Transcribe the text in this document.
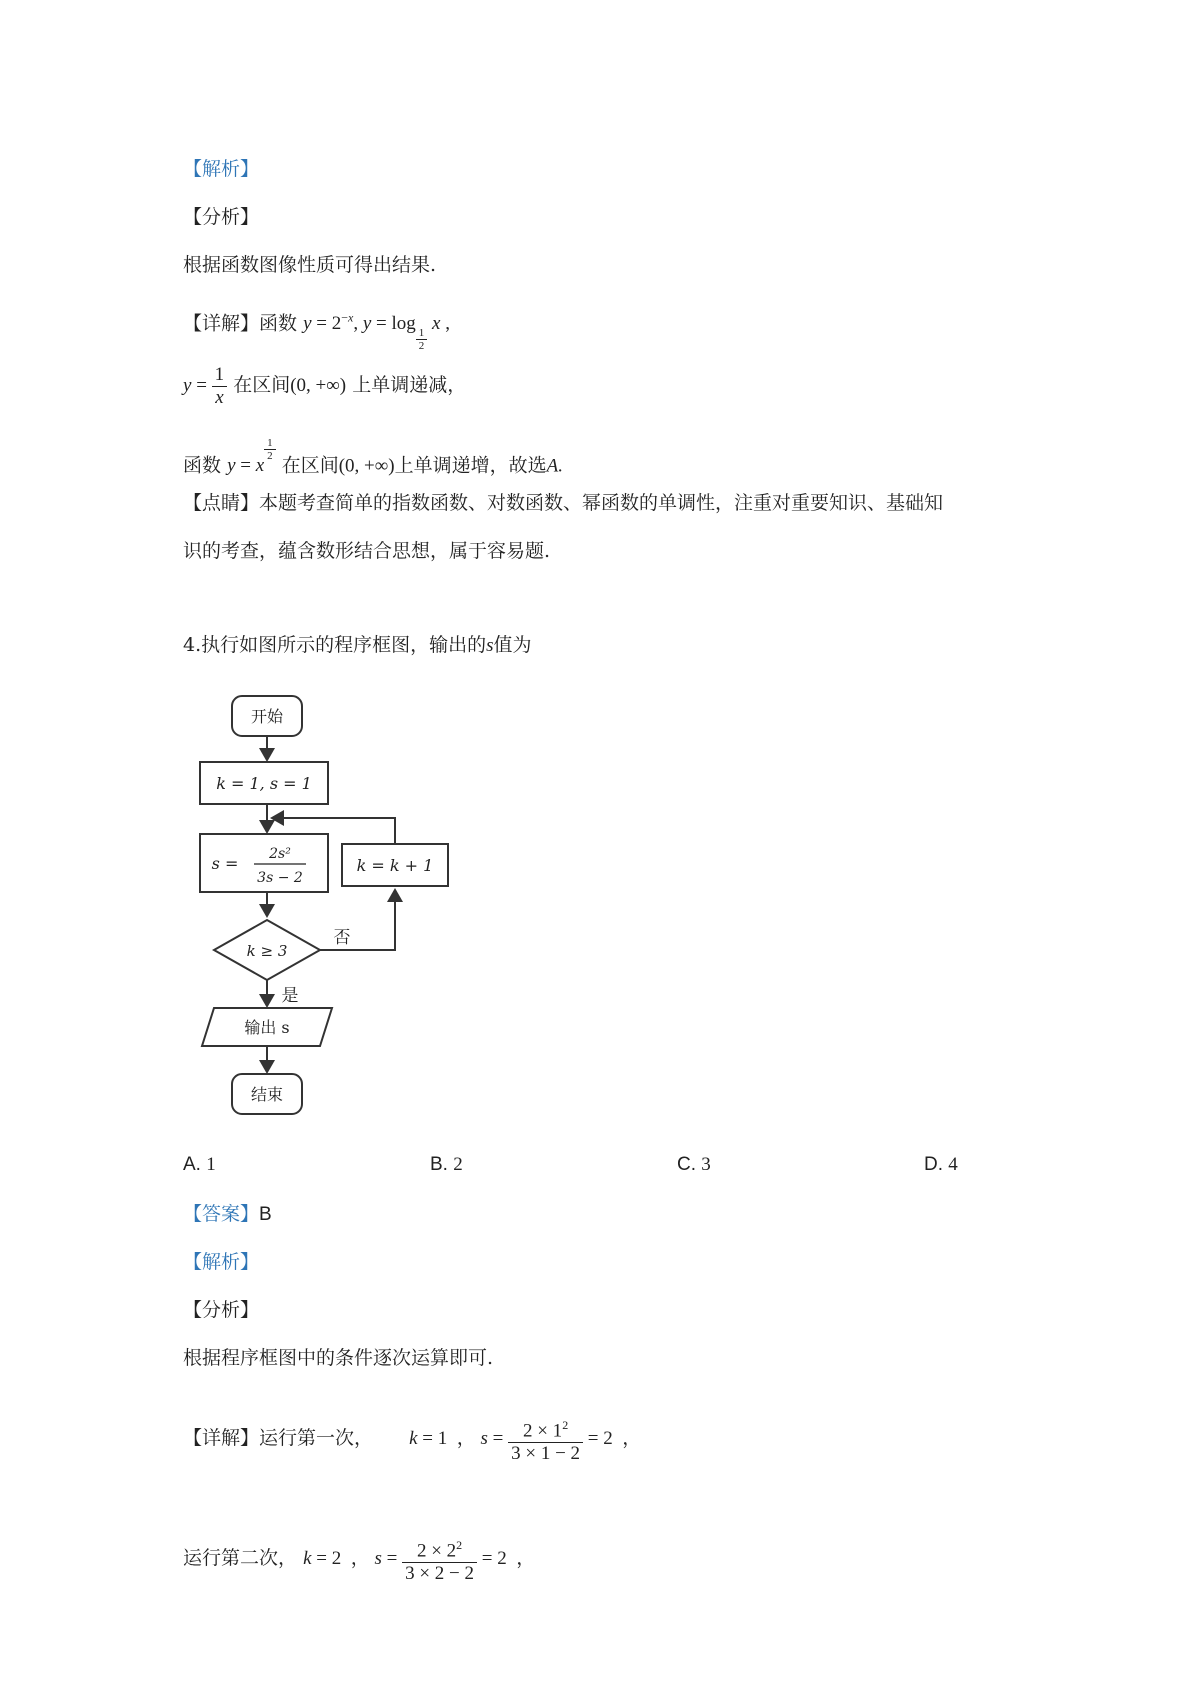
【解析】
【分析】
根据函数图像性质可得出结果.
【详解】函数 $y = 2^{-x}$, y = log
$_{\frac{1}{2}}$
x ,
$y = \frac{1}{x}$ 在区间(0, +∞) 上单调递减，
函数 y = x
$^{\frac{1}{2}}$
在区间(0, +∞)上单调递增，故选A.
【点睛】本题考查简单的指数函数、对数函数、幂函数的单调性，注重对重要知识、基础知
识的考查，蕴含数形结合思想，属于容易题.
4.执行如图所示的程序框图，输出的s值为
开始
k = 1, s = 1
s = 2s²
3s − 2
k = k + 1
k ≥ 3
否
是
输出 s
结束
A. 1	B. 2	C. 3	D. 4
【答案】B
【解析】
【分析】
根据程序框图中的条件逐次运算即可.
【详解】运行第一次， k = 1  ， $s = \frac{2 \times 1^2}{3 \times 1 - 2} = 2$  ，
运行第二次， k = 2  ， $s = \frac{2 \times 2^2}{3 \times 2 - 2} = 2$  ，
